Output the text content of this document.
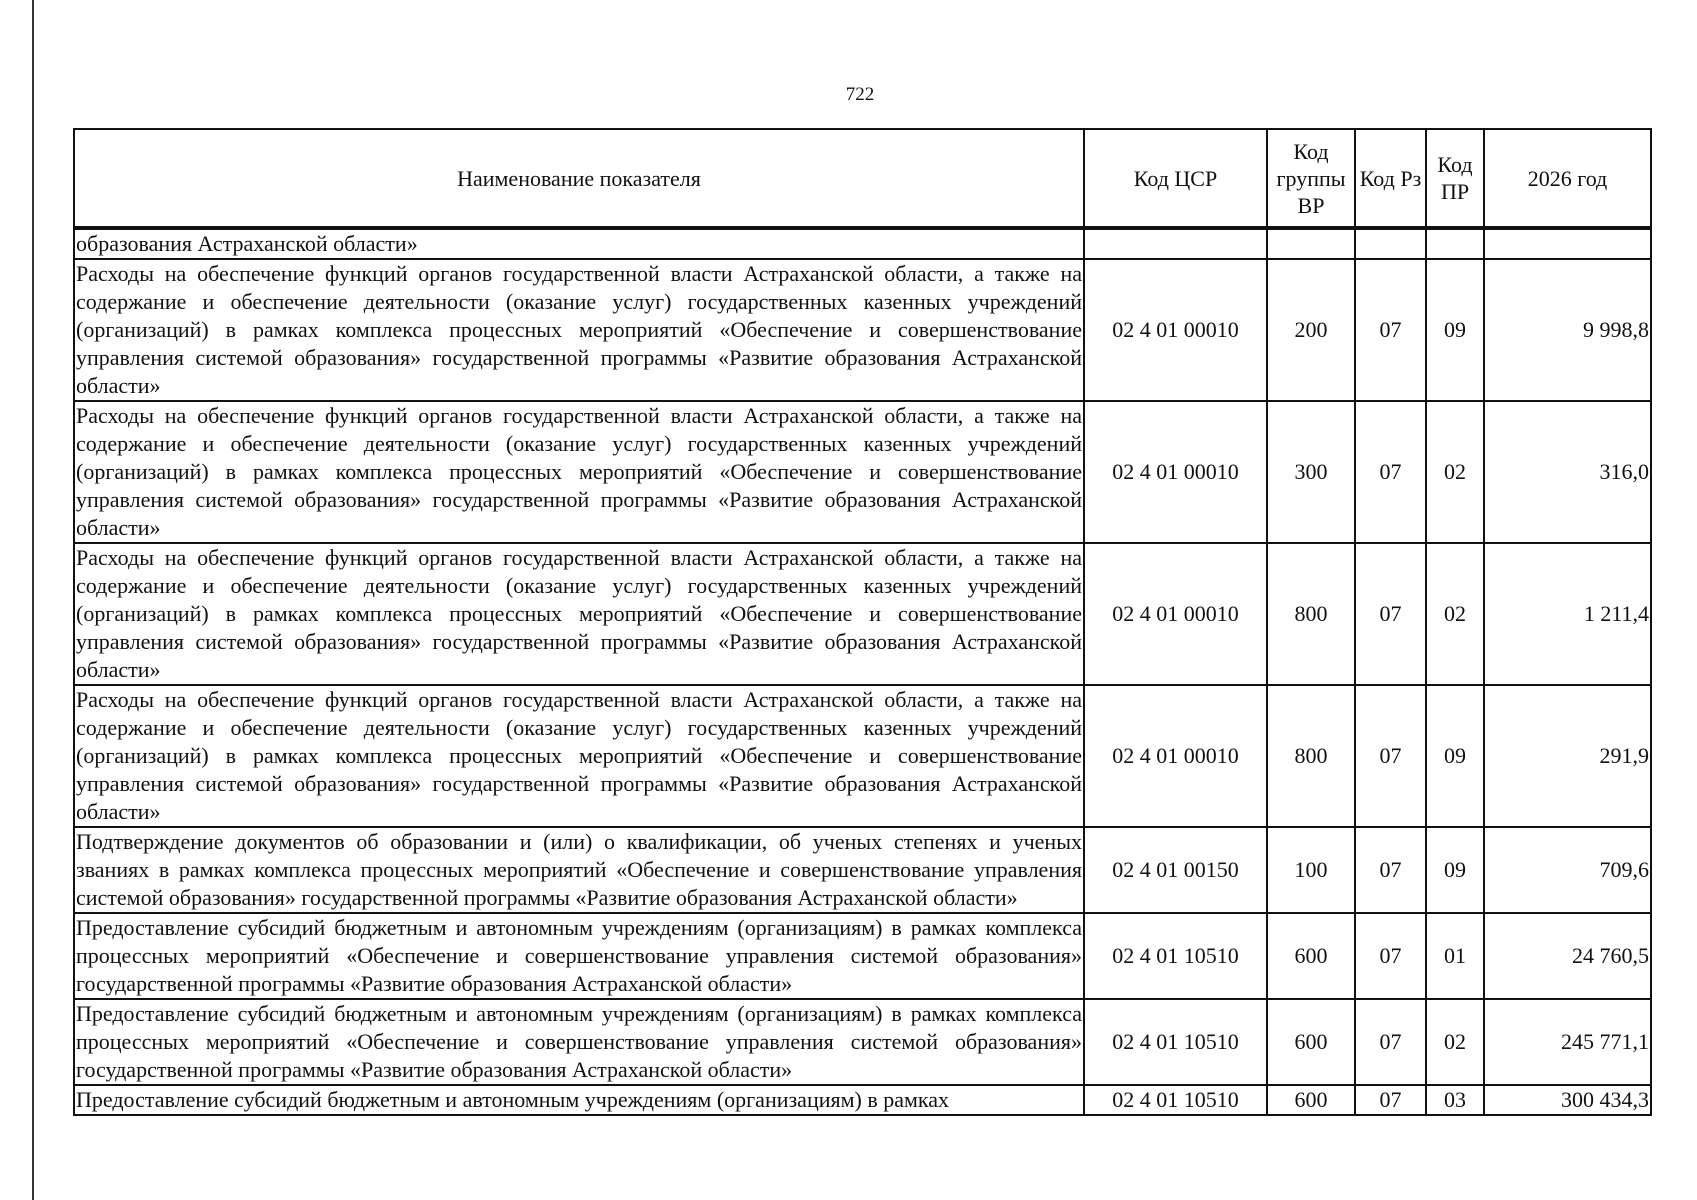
722
Наименование показателя	Код ЦСР	Код группы ВР	Код Рз	Код ПР	2026 год

образования Астраханской области»					
Расходы на обеспечение функций органов государственной власти Астраханской области, а также на содержание и обеспечение деятельности (оказание услуг) государственных казенных учреждений (организаций) в рамках комплекса процессных мероприятий «Обеспечение и совершенствование управления системой образования» государственной программы «Развитие образования Астраханской области»	02 4 01 00010	200	07	09	9 998,8
Расходы на обеспечение функций органов государственной власти Астраханской области, а также на содержание и обеспечение деятельности (оказание услуг) государственных казенных учреждений (организаций) в рамках комплекса процессных мероприятий «Обеспечение и совершенствование управления системой образования» государственной программы «Развитие образования Астраханской области»	02 4 01 00010	300	07	02	316,0
Расходы на обеспечение функций органов государственной власти Астраханской области, а также на содержание и обеспечение деятельности (оказание услуг) государственных казенных учреждений (организаций) в рамках комплекса процессных мероприятий «Обеспечение и совершенствование управления системой образования» государственной программы «Развитие образования Астраханской области»	02 4 01 00010	800	07	02	1 211,4
Расходы на обеспечение функций органов государственной власти Астраханской области, а также на содержание и обеспечение деятельности (оказание услуг) государственных казенных учреждений (организаций) в рамках комплекса процессных мероприятий «Обеспечение и совершенствование управления системой образования» государственной программы «Развитие образования Астраханской области»	02 4 01 00010	800	07	09	291,9
Подтверждение документов об образовании и (или) о квалификации, об ученых степенях и ученых званиях в рамках комплекса процессных мероприятий «Обеспечение и совершенствование управления системой образования» государственной программы «Развитие образования Астраханской области»	02 4 01 00150	100	07	09	709,6
Предоставление субсидий бюджетным и автономным учреждениям (организациям) в рамках комплекса процессных мероприятий «Обеспечение и совершенствование управления системой образования» государственной программы «Развитие образования Астраханской области»	02 4 01 10510	600	07	01	24 760,5
Предоставление субсидий бюджетным и автономным учреждениям (организациям) в рамках комплекса процессных мероприятий «Обеспечение и совершенствование управления системой образования» государственной программы «Развитие образования Астраханской области»	02 4 01 10510	600	07	02	245 771,1
Предоставление субсидий бюджетным и автономным учреждениям (организациям) в рамках	02 4 01 10510	600	07	03	300 434,3
